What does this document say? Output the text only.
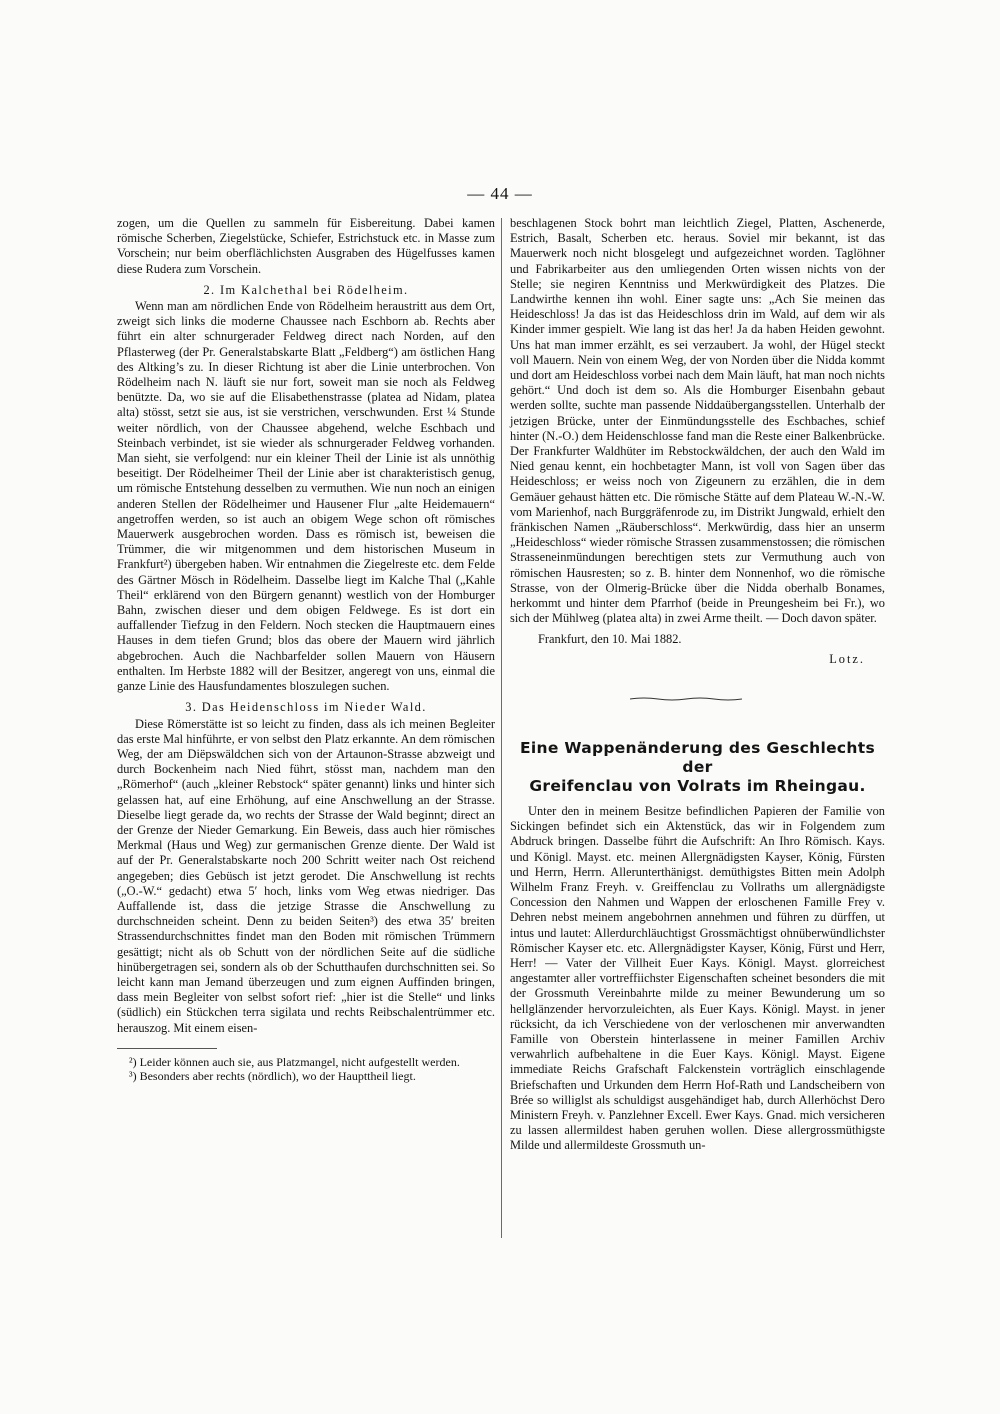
— 44 —

zogen, um die Quellen zu sammeln für Eisbereitung. Dabei kamen römische Scherben, Ziegelstücke, Schiefer, Estrichstuck etc. in Masse zum Vorschein; nur beim oberflächlichsten Ausgraben des Hügelfusses kamen diese Rudera zum Vorschein.

2. Im Kalchethal bei Rödelheim.

Wenn man am nördlichen Ende von Rödelheim heraustritt aus dem Ort, zweigt sich links die moderne Chaussee nach Eschborn ab. Rechts aber führt ein alter schnurgerader Feldweg direct nach Norden, auf den Pflasterweg (der Pr. Generalstabskarte Blatt „Feldberg“) am östlichen Hang des Altking’s zu. In dieser Richtung ist aber die Linie unterbrochen. Von Rödelheim nach N. läuft sie nur fort, soweit man sie noch als Feldweg benützte. Da, wo sie auf die Elisabethenstrasse (platea ad Nidam, platea alta) stösst, setzt sie aus, ist sie verstrichen, verschwunden. Erst ¼ Stunde weiter nördlich, von der Chaussee abgehend, welche Eschbach und Steinbach verbindet, ist sie wieder als schnurgerader Feldweg vorhanden. Man sieht, sie verfolgend: nur ein kleiner Theil der Linie ist als unnöthig beseitigt. Der Rödelheimer Theil der Linie aber ist charakteristisch genug, um römische Entstehung desselben zu vermuthen. Wie nun noch an einigen anderen Stellen der Rödelheimer und Hausener Flur „alte Heidemauern“ angetroffen werden, so ist auch an obigem Wege schon oft römisches Mauerwerk ausgebrochen worden. Dass es römisch ist, beweisen die Trümmer, die wir mitgenommen und dem historischen Museum in Frankfurt²) übergeben haben. Wir entnahmen die Ziegelreste etc. dem Felde des Gärtner Mösch in Rödelheim. Dasselbe liegt im Kalche Thal („Kahle Theil“ erklärend von den Bürgern genannt) westlich von der Homburger Bahn, zwischen dieser und dem obigen Feldwege. Es ist dort ein auffallender Tiefzug in den Feldern. Noch stecken die Hauptmauern eines Hauses in dem tiefen Grund; blos das obere der Mauern wird jährlich abgebrochen. Auch die Nachbarfelder sollen Mauern von Häusern enthalten. Im Herbste 1882 will der Besitzer, angeregt von uns, einmal die ganze Linie des Hausfundamentes bloszulegen suchen.

3. Das Heidenschloss im Nieder Wald.

Diese Römerstätte ist so leicht zu finden, dass als ich meinen Begleiter das erste Mal hinführte, er von selbst den Platz erkannte. An dem römischen Weg, der am Diëpswäldchen sich von der Artaunon-Strasse abzweigt und durch Bockenheim nach Nied führt, stösst man, nachdem man den „Römerhof“ (auch „kleiner Rebstock“ später genannt) links und hinter sich gelassen hat, auf eine Erhöhung, auf eine Anschwellung an der Strasse. Dieselbe liegt gerade da, wo rechts der Strasse der Wald beginnt; direct an der Grenze der Nieder Gemarkung. Ein Beweis, dass auch hier römisches Merkmal (Haus und Weg) zur germanischen Grenze diente. Der Wald ist auf der Pr. Generalstabskarte noch 200 Schritt weiter nach Ost reichend angegeben; dies Gebüsch ist jetzt gerodet. Die Anschwellung ist rechts („O.-W.“ gedacht) etwa 5′ hoch, links vom Weg etwas niedriger. Das Auffallende ist, dass die jetzige Strasse die Anschwellung zu durchschneiden scheint. Denn zu beiden Seiten³) des etwa 35′ breiten Strassendurchschnittes findet man den Boden mit römischen Trümmern gesättigt; nicht als ob Schutt von der nördlichen Seite auf die südliche hinübergetragen sei, sondern als ob der Schutthaufen durchschnitten sei. So leicht kann man Jemand überzeugen und zum eignen Auffinden bringen, dass mein Begleiter von selbst sofort rief: „hier ist die Stelle“ und links (südlich) ein Stückchen terra sigilata und rechts Reibschalentrümmer etc. herauszog. Mit einem eisen-

²) Leider können auch sie, aus Platzmangel, nicht aufgestellt werden.

³) Besonders aber rechts (nördlich), wo der Haupttheil liegt.

beschlagenen Stock bohrt man leichtlich Ziegel, Platten, Aschenerde, Estrich, Basalt, Scherben etc. heraus. Soviel mir bekannt, ist das Mauerwerk noch nicht blosgelegt und aufgezeichnet worden. Taglöhner und Fabrikarbeiter aus den umliegenden Orten wissen nichts von der Stelle; sie negiren Kenntniss und Merkwürdigkeit des Platzes. Die Landwirthe kennen ihn wohl. Einer sagte uns: „Ach Sie meinen das Heideschloss! Ja das ist das Heideschloss drin im Wald, auf dem wir als Kinder immer gespielt. Wie lang ist das her! Ja da haben Heiden gewohnt. Uns hat man immer erzählt, es sei verzaubert. Ja wohl, der Hügel steckt voll Mauern. Nein von einem Weg, der von Norden über die Nidda kommt und dort am Heideschloss vorbei nach dem Main läuft, hat man noch nichts gehört.“ Und doch ist dem so. Als die Homburger Eisenbahn gebaut werden sollte, suchte man passende Niddaübergangsstellen. Unterhalb der jetzigen Brücke, unter der Einmündungsstelle des Eschbaches, schief hinter (N.-O.) dem Heidenschlosse fand man die Reste einer Balkenbrücke. Der Frankfurter Waldhüter im Rebstockwäldchen, der auch den Wald im Nied genau kennt, ein hochbetagter Mann, ist voll von Sagen über das Heideschloss; er weiss noch von Zigeunern zu erzählen, die in dem Gemäuer gehaust hätten etc. Die römische Stätte auf dem Plateau W.-N.-W. vom Marienhof, nach Burggräfenrode zu, im Distrikt Jungwald, erhielt den fränkischen Namen „Räuberschloss“. Merkwürdig, dass hier an unserm „Heideschloss“ wieder römische Strassen zusammenstossen; die römischen Strasseneinmündungen berechtigen stets zur Vermuthung auch von römischen Hausresten; so z. B. hinter dem Nonnenhof, wo die römische Strasse, von der Olmerig-Brücke über die Nidda oberhalb Bonames, herkommt und hinter dem Pfarrhof (beide in Preungesheim bei Fr.), wo sich der Mühlweg (platea alta) in zwei Arme theilt. — Doch davon später.

Frankfurt, den 10. Mai 1882.

Lotz.

Eine Wappenänderung des Geschlechts der
Greifenclau von Volrats im Rheingau.

Unter den in meinem Besitze befindlichen Papieren der Familie von Sickingen befindet sich ein Aktenstück, das wir in Folgendem zum Abdruck bringen. Dasselbe führt die Aufschrift: An Ihro Römisch. Kays. und Königl. Mayst. etc. meinen Allergnädigsten Kayser, König, Fürsten und Herrn, Herrn. Allerunterthänigst. demüthigstes Bitten mein Adolph Wilhelm Franz Freyh. v. Greiffenclau zu Vollraths um allergnädigste Concession den Nahmen und Wappen der erloschenen Famille Frey v. Dehren nebst meinem angebohrnen annehmen und führen zu dürffen, ut intus und lautet: Allerdurchläuchtigst Grossmächtigst ohnüberwündlichster Römischer Kayser etc. etc. Allergnädigster Kayser, König, Fürst und Herr, Herr! — Vater der Villheit Euer Kays. Königl. Mayst. glorreichest angestamter aller vortreffiichster Eigenschaften scheinet besonders die mit der Grossmuth Vereinbahrte milde zu meiner Bewunderung um so hellglänzender hervorzuleichten, als Euer Kays. Königl. Mayst. in jener rücksicht, da ich Verschiedene von der verloschenen mir anverwandten Famille von Oberstein hinterlassene in meiner Famillen Archiv verwahrlich aufbehaltene in die Euer Kays. Königl. Mayst. Eigene immediate Reichs Grafschaft Falckenstein vorträglich einschlagende Briefschaften und Urkunden dem Herrn Hof-Rath und Landscheibern von Brée so williglst als schuldigst ausgehändiget hab, durch Allerhöchst Dero Ministern Freyh. v. Panzlehner Excell. Ewer Kays. Gnad. mich versicheren zu lassen allermildest haben geruhen wollen. Diese allergrossmüthigste Milde und allermildeste Grossmuth un-
